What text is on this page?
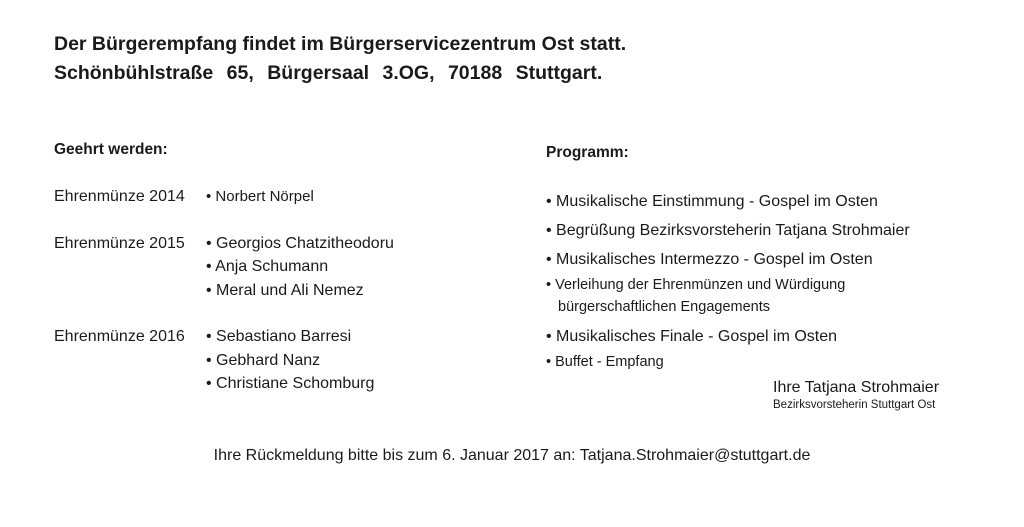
Der Bürgerempfang findet im Bürgerservicezentrum Ost statt.
Schönbühlstraße 65, Bürgersaal 3.OG, 70188 Stuttgart.
Geehrt werden:
Ehrenmünze 2014 • Norbert Nörpel
Ehrenmünze 2015 • Georgios Chatzitheodoru
• Anja Schumann
• Meral und Ali Nemez
Ehrenmünze 2016 • Sebastiano Barresi
• Gebhard Nanz
• Christiane Schomburg
Programm:
• Musikalische Einstimmung - Gospel im Osten
• Begrüßung Bezirksvorsteherin Tatjana Strohmaier
• Musikalisches Intermezzo - Gospel im Osten
• Verleihung der Ehrenmünzen und Würdigung
bürgerschaftlichen Engagements
• Musikalisches Finale - Gospel im Osten
• Buffet - Empfang
Ihre Tatjana Strohmaier
Bezirksvorsteherin Stuttgart Ost
Ihre Rückmeldung bitte bis zum 6. Januar 2017 an: Tatjana.Strohmaier@stuttgart.de
